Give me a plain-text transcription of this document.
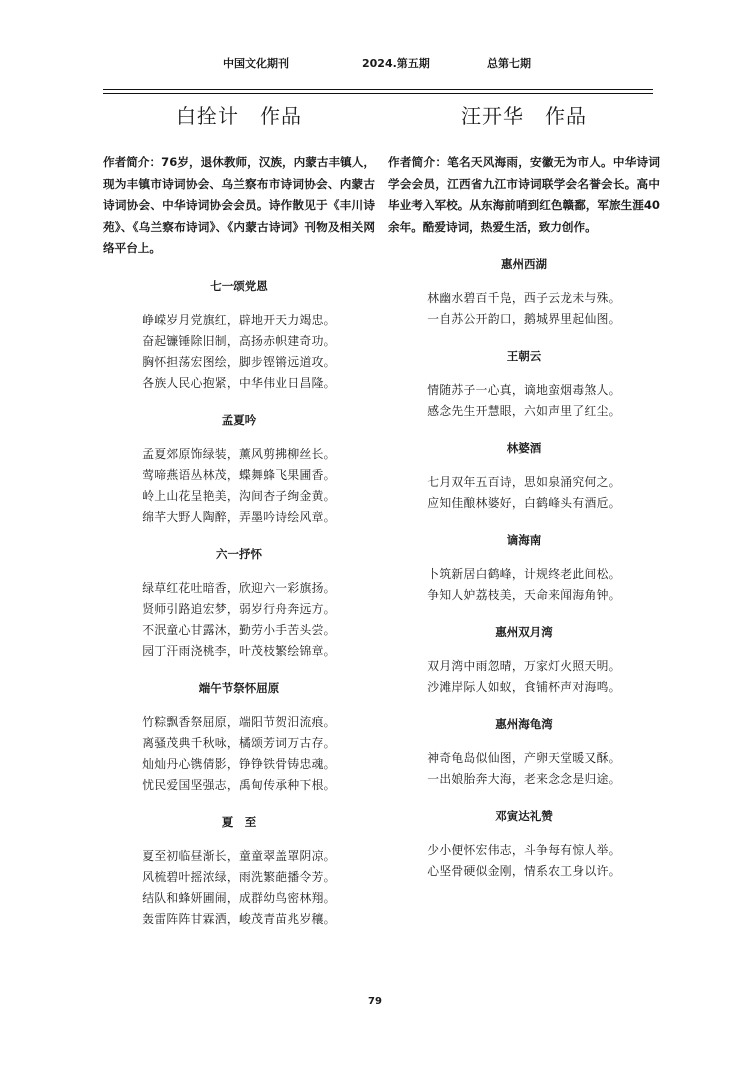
中国文化期刊	2024.第五期	总第七期
白拴计　作品
作者简介：76岁，退休教师，汉族，内蒙古丰镇人，现为丰镇市诗词协会、乌兰察布市诗词协会、内蒙古诗词协会、中华诗词协会会员。诗作散见于《丰川诗苑》、《乌兰察布诗词》、《内蒙古诗词》刊物及相关网络平台上。
七一颂党恩
峥嵘岁月党旗红，辟地开天力竭忠。
奋起镰锤除旧制，高扬赤帜建奇功。
胸怀担荡宏图绘，脚步铿锵远道攻。
各族人民心抱紧，中华伟业日昌隆。
孟夏吟
孟夏郊原饰绿装，薰风剪拂柳丝长。
莺啼燕语丛林茂，蝶舞蜂飞果圃香。
岭上山花呈艳美，沟间杏子绚金黄。
绵芊大野人陶醉，弄墨吟诗绘风章。
六一抒怀
绿草红花吐暗香，欣迎六一彩旗扬。
贤师引路追宏梦，弱岁行舟奔远方。
不泯童心甘露沐，勤劳小手苦头尝。
园丁汗雨浇桃李，叶茂枝繁绘锦章。
端午节祭怀屈原
竹粽飘香祭屈原，端阳节贺汨流痕。
离骚茂典千秋咏，橘颂芳词万古存。
灿灿丹心镌倩影，铮铮铁骨铸忠魂。
忧民爱国坚强志，禹甸传承种下根。
夏　至
夏至初临昼渐长，童童翠盖罩阴凉。
风梳碧叶摇浓绿，雨洗繁葩播令芳。
结队和蜂妍圃闹，成群幼鸟密林翔。
轰雷阵阵甘霖洒，峻茂青苗兆岁穰。
汪开华　作品
作者简介：笔名天风海雨，安徽无为市人。中华诗词学会会员，江西省九江市诗词联学会名誉会长。高中毕业考入军校。从东海前哨到红色赣鄱，军旅生涯40余年。酷爱诗词，热爱生活，致力创作。
惠州西湖
林幽水碧百千凫，西子云龙未与殊。
一自苏公开韵口，鹅城界里起仙图。
王朝云
情随苏子一心真，谪地蛮烟毒煞人。
感念先生开慧眼，六如声里了红尘。
林婆酒
七月双年五百诗，思如泉涌究何之。
应知佳酿林婆好，白鹤峰头有酒卮。
谪海南
卜筑新居白鹤峰，计规终老此间松。
争知人妒荔枝美，天命来闻海角钟。
惠州双月湾
双月湾中雨忽晴，万家灯火照天明。
沙滩岸际人如蚁，食铺杯声对海鸣。
惠州海龟湾
神奇龟岛似仙图，产卵天堂暖又酥。
一出娘胎奔大海，老来念念是归途。
邓寅达礼赞
少小便怀宏伟志，斗争每有惊人举。
心坚骨硬似金刚，情系农工身以许。
79
